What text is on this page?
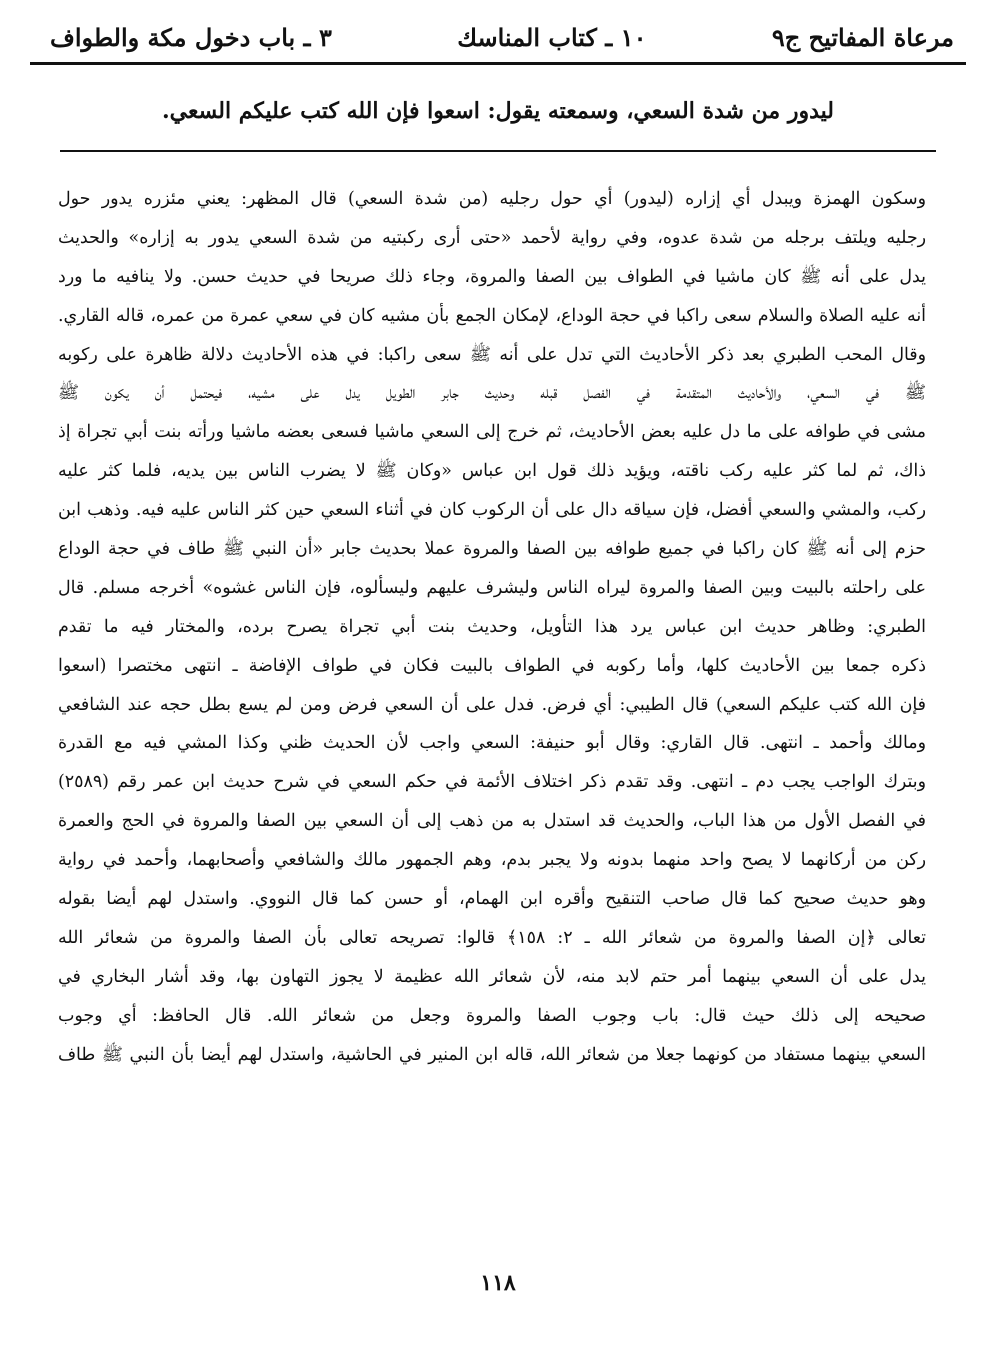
مرعاة المفاتيح ج٩
١٠ ـ كتاب المناسك
٣ ـ باب دخول مكة والطواف
ليدور من شدة السعي، وسمعته يقول: اسعوا فإن الله كتب عليكم السعي.
وسكون الهمزة ويبدل أي إزاره (ليدور) أي حول رجليه (من شدة السعي) قال المظهر: يعني مئزره يدور حول
رجليه ويلتف برجله من شدة عدوه، وفي رواية لأحمد «حتى أرى ركبتيه من شدة السعي يدور به إزاره» والحديث
يدل على أنه ﷺ كان ماشيا في الطواف بين الصفا والمروة، وجاء ذلك صريحا في حديث حسن. ولا ينافيه ما ورد
أنه عليه الصلاة والسلام سعى راكبا في حجة الوداع، لإمكان الجمع بأن مشيه كان في سعي عمرة من عمره، قاله القاري.
وقال المحب الطبري بعد ذكر الأحاديث التي تدل على أنه ﷺ سعى راكبا: في هذه الأحاديث دلالة ظاهرة على ركوبه
ﷺ في السعي، والأحاديث المتقدمة في الفصل قبله وحديث جابر الطويل يدل على مشيه، فيحتمل أن يكون ﷺ
مشى في طوافه على ما دل عليه بعض الأحاديث، ثم خرج إلى السعي ماشيا فسعى بعضه ماشيا ورأته بنت أبي تجراة إذ
ذاك، ثم لما كثر عليه ركب ناقته، ويؤيد ذلك قول ابن عباس «وكان ﷺ لا يضرب الناس بين يديه، فلما كثر عليه
ركب، والمشي والسعي أفضل، فإن سياقه دال على أن الركوب كان في أثناء السعي حين كثر الناس عليه فيه. وذهب ابن
حزم إلى أنه ﷺ كان راكبا في جميع طوافه بين الصفا والمروة عملا بحديث جابر «أن النبي ﷺ طاف في حجة الوداع
على راحلته بالبيت وبين الصفا والمروة ليراه الناس وليشرف عليهم وليسألوه، فإن الناس غشوه» أخرجه مسلم. قال
الطبري: وظاهر حديث ابن عباس يرد هذا التأويل، وحديث بنت أبي تجراة يصرح برده، والمختار فيه ما تقدم
ذكره جمعا بين الأحاديث كلها، وأما ركوبه في الطواف بالبيت فكان في طواف الإفاضة ـ انتهى مختصرا (اسعوا
فإن الله كتب عليكم السعي) قال الطيبي: أي فرض. فدل على أن السعي فرض ومن لم يسع بطل حجه عند الشافعي
ومالك وأحمد ـ انتهى. قال القاري: وقال أبو حنيفة: السعي واجب لأن الحديث ظني وكذا المشي فيه مع القدرة
وبترك الواجب يجب دم ـ انتهى. وقد تقدم ذكر اختلاف الأئمة في حكم السعي في شرح حديث ابن عمر رقم (٢٥٨٩)
في الفصل الأول من هذا الباب، والحديث قد استدل به من ذهب إلى أن السعي بين الصفا والمروة في الحج والعمرة
ركن من أركانهما لا يصح واحد منهما بدونه ولا يجبر بدم، وهم الجمهور مالك والشافعي وأصحابهما، وأحمد في رواية
وهو حديث صحيح كما قال صاحب التنقيح وأقره ابن الهمام، أو حسن كما قال النووي. واستدل لهم أيضا بقوله
تعالى ﴿إن الصفا والمروة من شعائر الله ـ ٢: ١٥٨﴾ قالوا: تصريحه تعالى بأن الصفا والمروة من شعائر الله
يدل على أن السعي بينهما أمر حتم لابد منه، لأن شعائر الله عظيمة لا يجوز التهاون بها، وقد أشار البخاري في
صحيحه إلى ذلك حيث قال: باب وجوب الصفا والمروة وجعل من شعائر الله. قال الحافظ: أي وجوب
السعي بينهما مستفاد من كونهما جعلا من شعائر الله، قاله ابن المنير في الحاشية، واستدل لهم أيضا بأن النبي ﷺ طاف
١١٨
